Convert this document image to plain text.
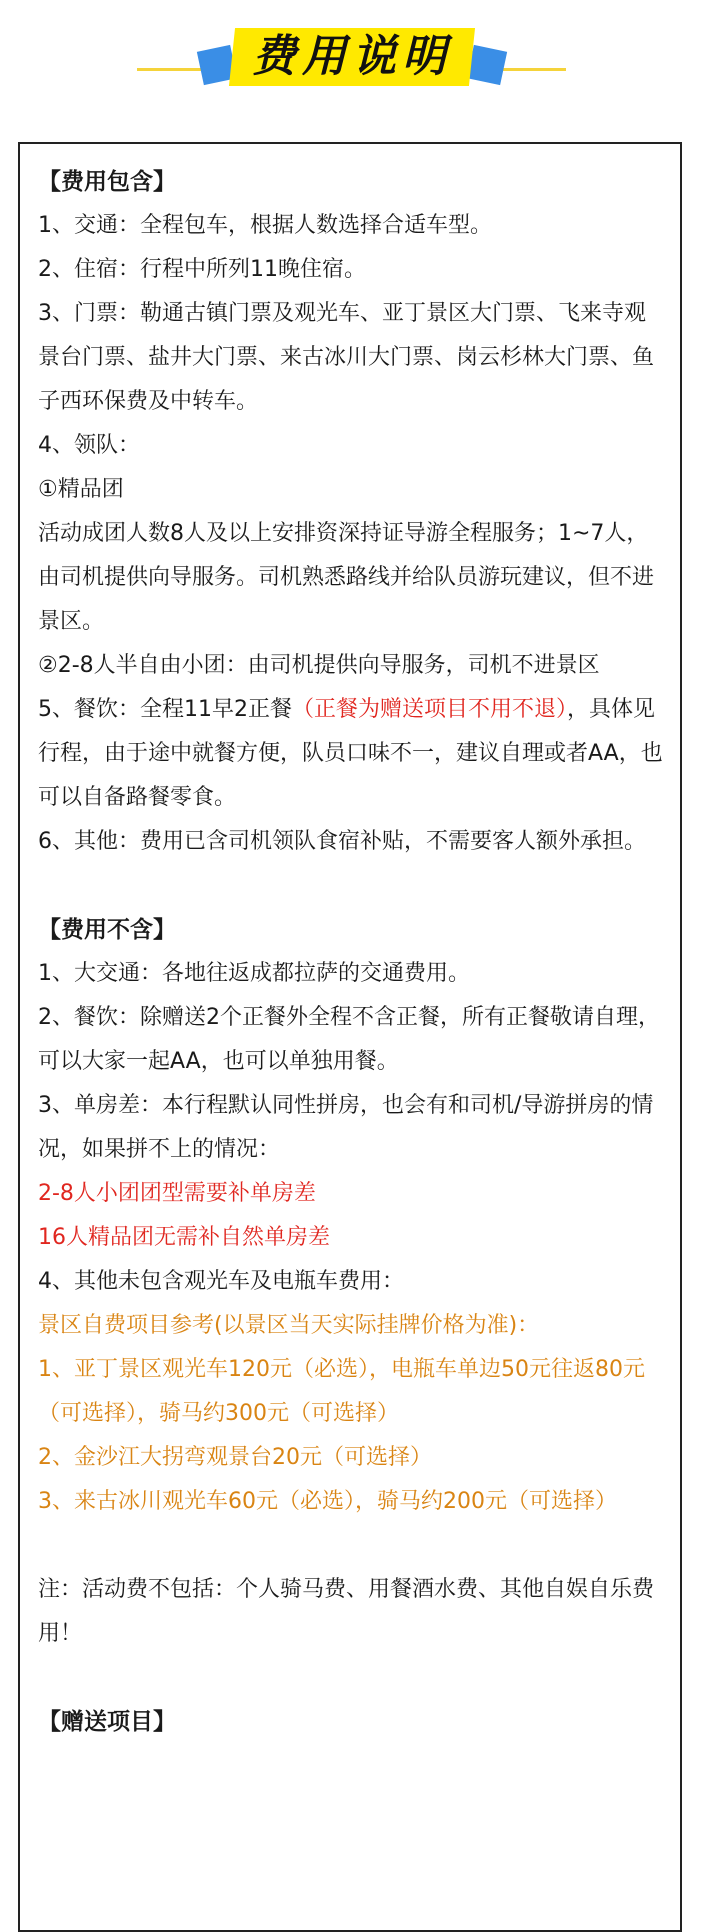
费用说明
【费用包含】
1、交通：全程包车，根据人数选择合适车型。
2、住宿：行程中所列11晚住宿。
3、门票：勒通古镇门票及观光车、亚丁景区大门票、飞来寺观景台门票、盐井大门票、来古冰川大门票、岗云杉林大门票、鱼子西环保费及中转车。
4、领队：
①精品团
活动成团人数8人及以上安排资深持证导游全程服务；1~7人，由司机提供向导服务。司机熟悉路线并给队员游玩建议，但不进景区。
②2-8人半自由小团：由司机提供向导服务，司机不进景区
5、餐饮：全程11早2正餐（正餐为赠送项目不用不退），具体见行程，由于途中就餐方便，队员口味不一，建议自理或者AA，也可以自备路餐零食。
6、其他：费用已含司机领队食宿补贴，不需要客人额外承担。
【费用不含】
1、大交通：各地往返成都拉萨的交通费用。
2、餐饮：除赠送2个正餐外全程不含正餐，所有正餐敬请自理，可以大家一起AA，也可以单独用餐。
3、单房差：本行程默认同性拼房，也会有和司机/导游拼房的情况，如果拼不上的情况：
2-8人小团团型需要补单房差
16人精品团无需补自然单房差
4、其他未包含观光车及电瓶车费用：
景区自费项目参考(以景区当天实际挂牌价格为准)：
1、亚丁景区观光车120元（必选），电瓶车单边50元往返80元（可选择），骑马约300元（可选择）
2、金沙江大拐弯观景台20元（可选择）
3、来古冰川观光车60元（必选），骑马约200元（可选择）
注：活动费不包括：个人骑马费、用餐酒水费、其他自娱自乐费用！
【赠送项目】
